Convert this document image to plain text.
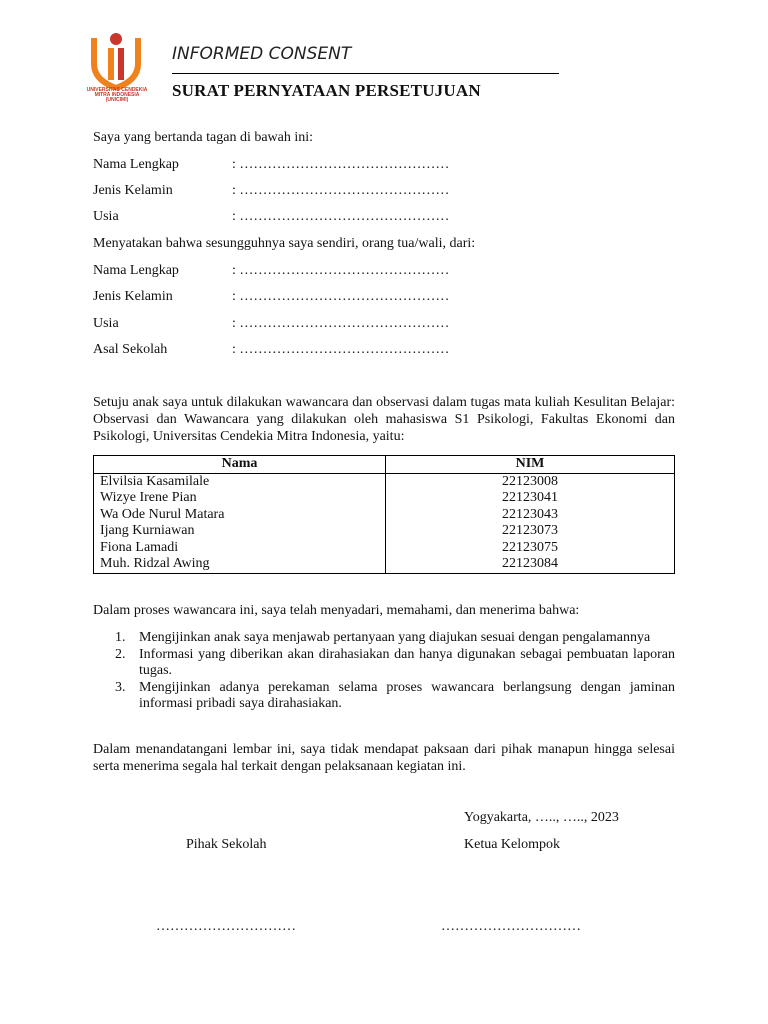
UNIVERSITAS CENDEKIA MITRA INDONESIA (UNICIMI)
INFORMED CONSENT
SURAT PERNYATAAN PERSETUJUAN
Saya yang bertanda tagan di bawah ini:
Nama Lengkap	: ………………………………………
Jenis Kelamin	: ………………………………………
Usia	: ………………………………………
Menyatakan bahwa sesungguhnya saya sendiri, orang tua/wali, dari:
Nama Lengkap	: ………………………………………
Jenis Kelamin	: ………………………………………
Usia	: ………………………………………
Asal Sekolah	: ………………………………………
Setuju anak saya untuk dilakukan wawancara dan observasi dalam tugas mata kuliah Kesulitan Belajar: Observasi dan Wawancara yang dilakukan oleh mahasiswa S1 Psikologi, Fakultas Ekonomi dan Psikologi, Universitas Cendekia Mitra Indonesia, yaitu:
Nama	NIM
Elvilsia Kasamilale	22123008
Wizye Irene Pian	22123041
Wa Ode Nurul Matara	22123043
Ijang Kurniawan	22123073
Fiona Lamadi	22123075
Muh. Ridzal Awing	22123084
Dalam proses wawancara ini, saya telah menyadari, memahami, dan menerima bahwa:
1. Mengijinkan anak saya menjawab pertanyaan yang diajukan sesuai dengan pengalamannya
2. Informasi yang diberikan akan dirahasiakan dan hanya digunakan sebagai pembuatan laporan tugas.
3. Mengijinkan adanya perekaman selama proses wawancara berlangsung dengan jaminan informasi pribadi saya dirahasiakan.
Dalam menandatangani lembar ini, saya tidak mendapat paksaan dari pihak manapun hingga selesai serta menerima segala hal terkait dengan pelaksanaan kegiatan ini.
Yogyakarta, ….., ….., 2023
Pihak Sekolah	Ketua Kelompok
…………………………	…………………………
